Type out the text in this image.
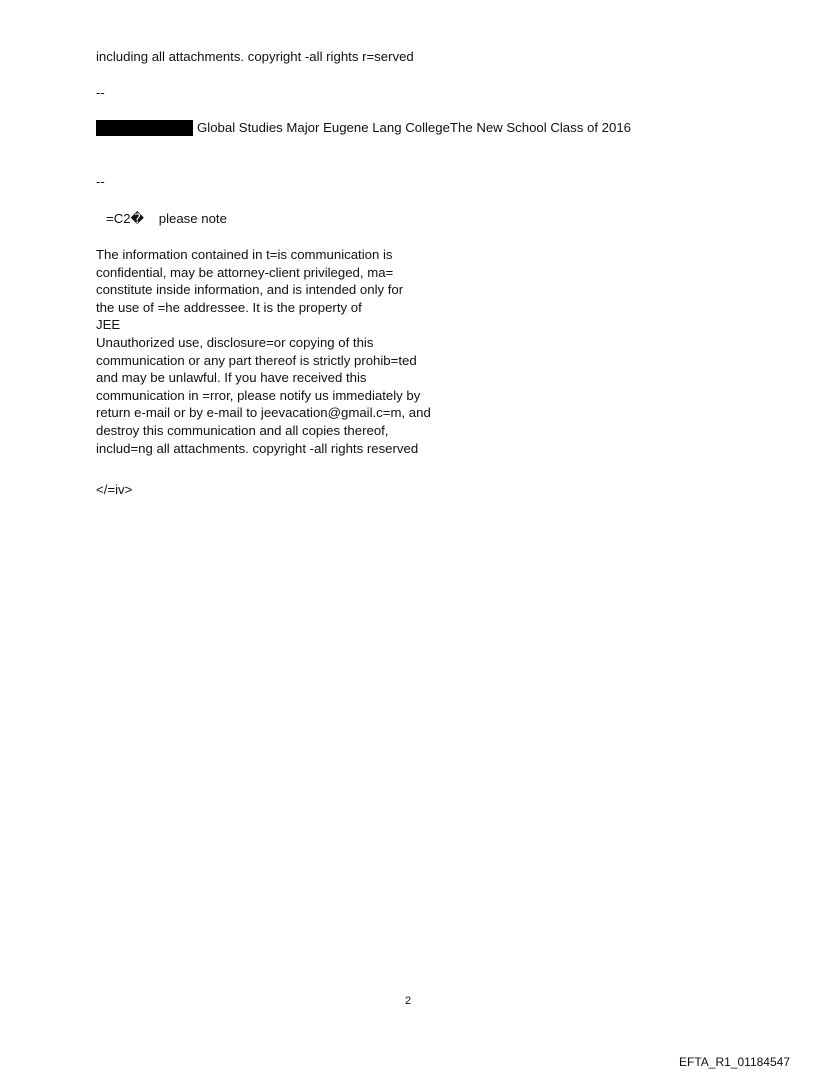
including all attachments. copyright -all rights r=served
--
Global Studies Major Eugene Lang CollegeThe New School Class of 2016
--
=C2�    please note
The information contained in t=is communication is
confidential, may be attorney-client privileged, ma=
constitute inside information, and is intended only for
the use of =he addressee. It is the property of
JEE
Unauthorized use, disclosure=or copying of this
communication or any part thereof is strictly prohib=ted
and may be unlawful. If you have received this
communication in =rror, please notify us immediately by
return e-mail or by e-mail to jeevacation@gmail.c=m, and
destroy this communication and all copies thereof,
includ=ng all attachments. copyright -all rights reserved
</=iv>
2
EFTA_R1_01184547
